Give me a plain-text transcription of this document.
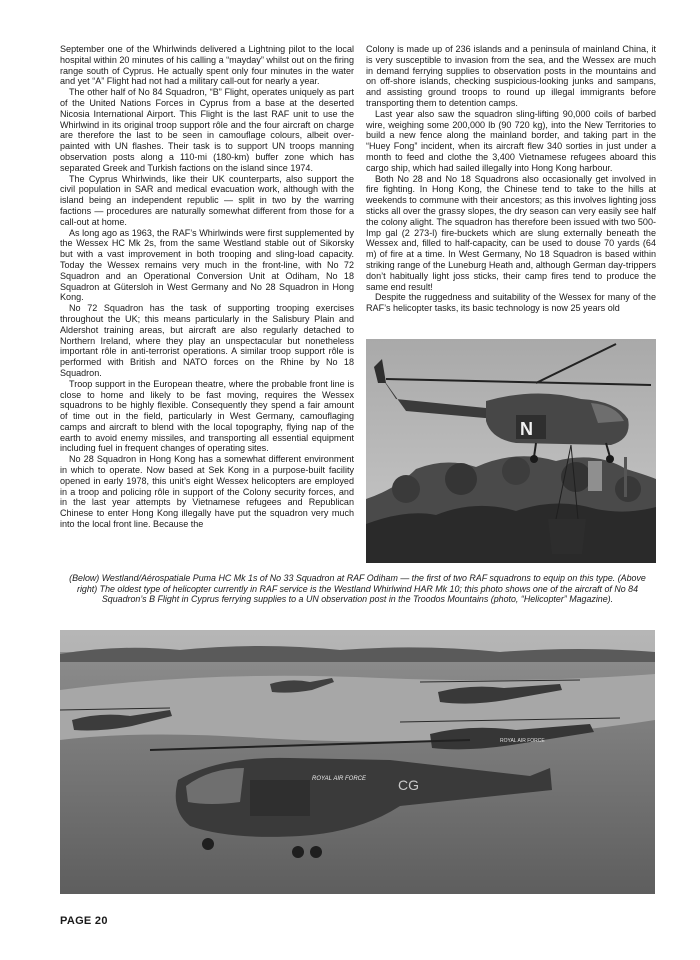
September one of the Whirlwinds delivered a Lightning pilot to the local hospital within 20 minutes of his calling a “mayday” whilst out on the firing range south of Cyprus. He actually spent only four minutes in the water and yet “A” Flight had not had a military call-out for nearly a year.

The other half of No 84 Squadron, “B” Flight, operates uniquely as part of the United Nations Forces in Cyprus from a base at the deserted Nicosia International Airport. This Flight is the last RAF unit to use the Whirlwind in its original troop support rôle and the four aircraft on charge are therefore the last to be seen in camouflage colours, albeit over-painted with UN flashes. Their task is to support UN troops manning observation posts along a 110-mi (180-km) buffer zone which has separated Greek and Turkish factions on the island since 1974.

The Cyprus Whirlwinds, like their UK counterparts, also support the civil population in SAR and medical evacuation work, although with the island being an independent republic — split in two by the warring factions — procedures are naturally somewhat different from those for a call-out at home.

As long ago as 1963, the RAF’s Whirlwinds were first supplemented by the Wessex HC Mk 2s, from the same Westland stable out of Sikorsky but with a vast improvement in both trooping and sling-load capacity. Today the Wessex remains very much in the front-line, with No 72 Squadron and an Operational Conversion Unit at Odiham, No 18 Squadron at Gütersloh in West Germany and No 28 Squadron in Hong Kong.

No 72 Squadron has the task of supporting trooping exercises throughout the UK; this means particularly in the Salisbury Plain and Aldershot training areas, but aircraft are also regularly detached to Northern Ireland, where they play an unspectacular but nonetheless important rôle in anti-terrorist operations. A similar troop support rôle is performed with British and NATO forces on the Rhine by No 18 Squadron.

Troop support in the European theatre, where the probable front line is close to home and likely to be fast moving, requires the Wessex squadrons to be highly flexible. Consequently they spend a fair amount of time out in the field, particularly in West Germany, camouflaging camps and aircraft to blend with the local topography, flying nap of the earth to avoid enemy missiles, and transporting all essential equipment including fuel in frequent changes of operating sites.

No 28 Squadron in Hong Kong has a somewhat different environment in which to operate. Now based at Sek Kong in a purpose-built facility opened in early 1978, this unit’s eight Wessex helicopters are employed in a troop and policing rôle in support of the Colony security forces, and in the last year attempts by Vietnamese refugees and Republican Chinese to enter Hong Kong illegally have put the squadron very much into the local front line. Because the

Colony is made up of 236 islands and a peninsula of mainland China, it is very susceptible to invasion from the sea, and the Wessex are much in demand ferrying supplies to observation posts in the mountains and on off-shore islands, checking suspicious-looking junks and sampans, and assisting ground troops to round up illegal immigrants before transporting them to detention camps.

Last year also saw the squadron sling-lifting 90,000 coils of barbed wire, weighing some 200,000 lb (90 720 kg), into the New Territories to build a new fence along the mainland border, and taking part in the “Huey Fong” incident, when its aircraft flew 340 sorties in just under a month to feed and clothe the 3,400 Vietnamese refugees aboard this cargo ship, which had sailed illegally into Hong Kong harbour.

Both No 28 and No 18 Squadrons also occasionally get involved in fire fighting. In Hong Kong, the Chinese tend to take to the hills at weekends to commune with their ancestors; as this involves lighting joss sticks all over the grassy slopes, the dry season can very easily see half the colony alight. The squadron has therefore been issued with two 500-Imp gal (2 273-l) fire-buckets which are slung externally beneath the Wessex and, filled to half-capacity, can be used to douse 70 yards (64 m) of fire at a time. In West Germany, No 18 Squadron is based within striking range of the Luneburg Heath and, although German day-trippers don’t habitually light joss sticks, their camp fires tend to produce the same end result!

Despite the ruggedness and suitability of the Wessex for many of the RAF’s helicopter tasks, its basic technology is now 25 years old

N
(Below) Westland/Aérospatiale Puma HC Mk 1s of No 33 Squadron at RAF Odiham — the first of two RAF squadrons to equip on this type. (Above right) The oldest type of helicopter currently in RAF service is the Westland Whirlwind HAR Mk 10; this photo shows one of the aircraft of No 84 Squadron’s B Flight in Cyprus ferrying supplies to a UN observation post in the Troodos Mountains (photo, “Helicopter” Magazine).
ROYAL AIR FORCE
ROYAL AIR FORCE CG
PAGE 20
